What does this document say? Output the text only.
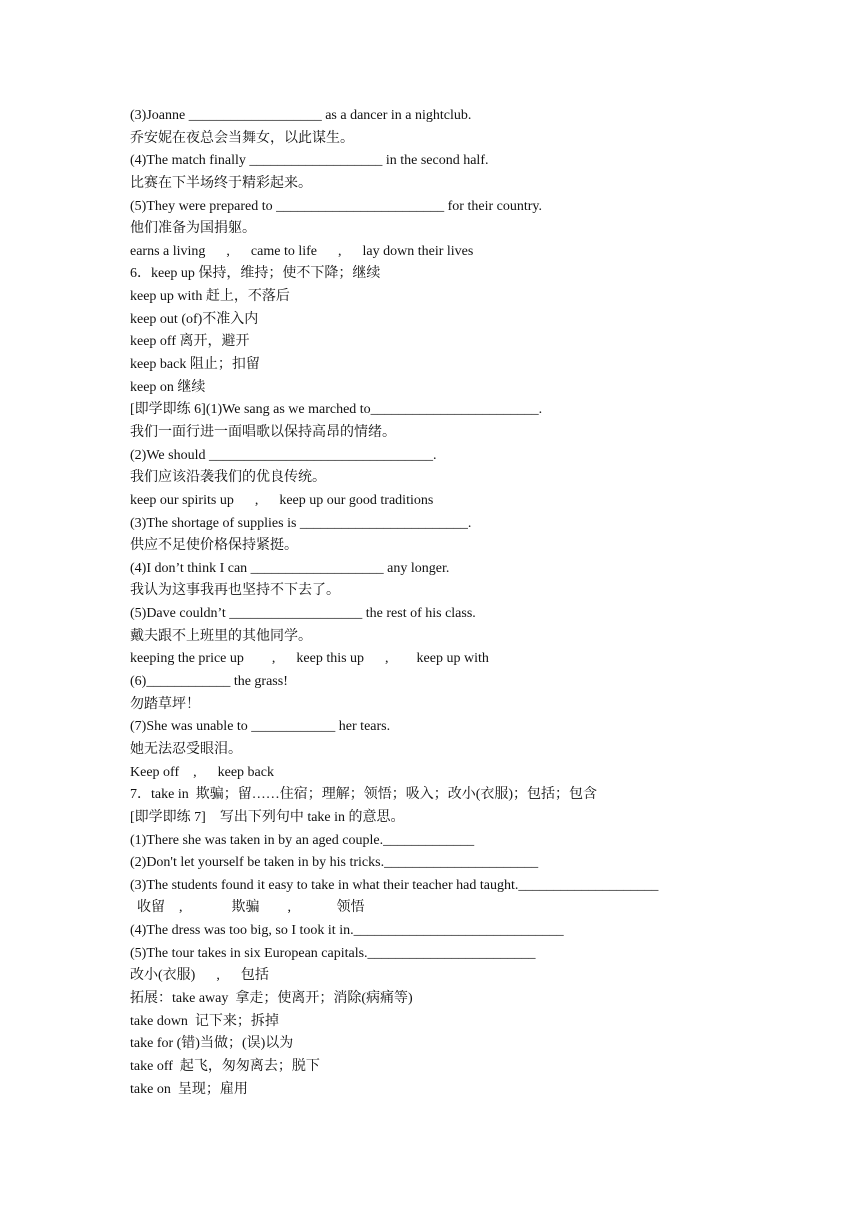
(3)Joanne ___________________ as a dancer in a nightclub.
乔安妮在夜总会当舞女，以此谋生。
(4)The match finally ___________________ in the second half.
比赛在下半场终于精彩起来。
(5)They were prepared to ________________________ for their country.
他们准备为国捐躯。
earns a living      ,      came to life      ,      lay down their lives
6．keep up 保持，维持；使不下降；继续
keep up with 赶上，不落后
keep out (of)不准入内
keep off 离开，避开
keep back 阻止；扣留
keep on 继续
[即学即练 6](1)We sang as we marched to________________________.
我们一面行进一面唱歌以保持高昂的情绪。
(2)We should ________________________________.
我们应该沿袭我们的优良传统。
keep our spirits up      ,      keep up our good traditions
(3)The shortage of supplies is ________________________.
供应不足使价格保持紧挺。
(4)I don’t think I can ___________________ any longer.
我认为这事我再也坚持不下去了。
(5)Dave couldn’t ___________________ the rest of his class.
戴夫跟不上班里的其他同学。
keeping the price up        ,      keep this up      ,        keep up with
(6)____________ the grass!
勿踏草坪！
(7)She was unable to ____________ her tears.
她无法忍受眼泪。
Keep off    ,      keep back
7．take in  欺骗；留……住宿；理解；领悟；吸入；改小(衣服)；包括；包含
[即学即练 7]    写出下列句中 take in 的意思。
(1)There she was taken in by an aged couple._____________
(2)Don't let yourself be taken in by his tricks.______________________
(3)The students found it easy to take in what their teacher had taught.____________________
收留    ,              欺骗        ,             领悟
(4)The dress was too big, so I took it in.______________________________
(5)The tour takes in six European capitals.________________________
改小(衣服)      ,      包括
拓展：take away  拿走；使离开；消除(病痛等)
take down  记下来；拆掉
take for (错)当做；(误)以为
take off  起飞，匆匆离去；脱下
take on  呈现；雇用
